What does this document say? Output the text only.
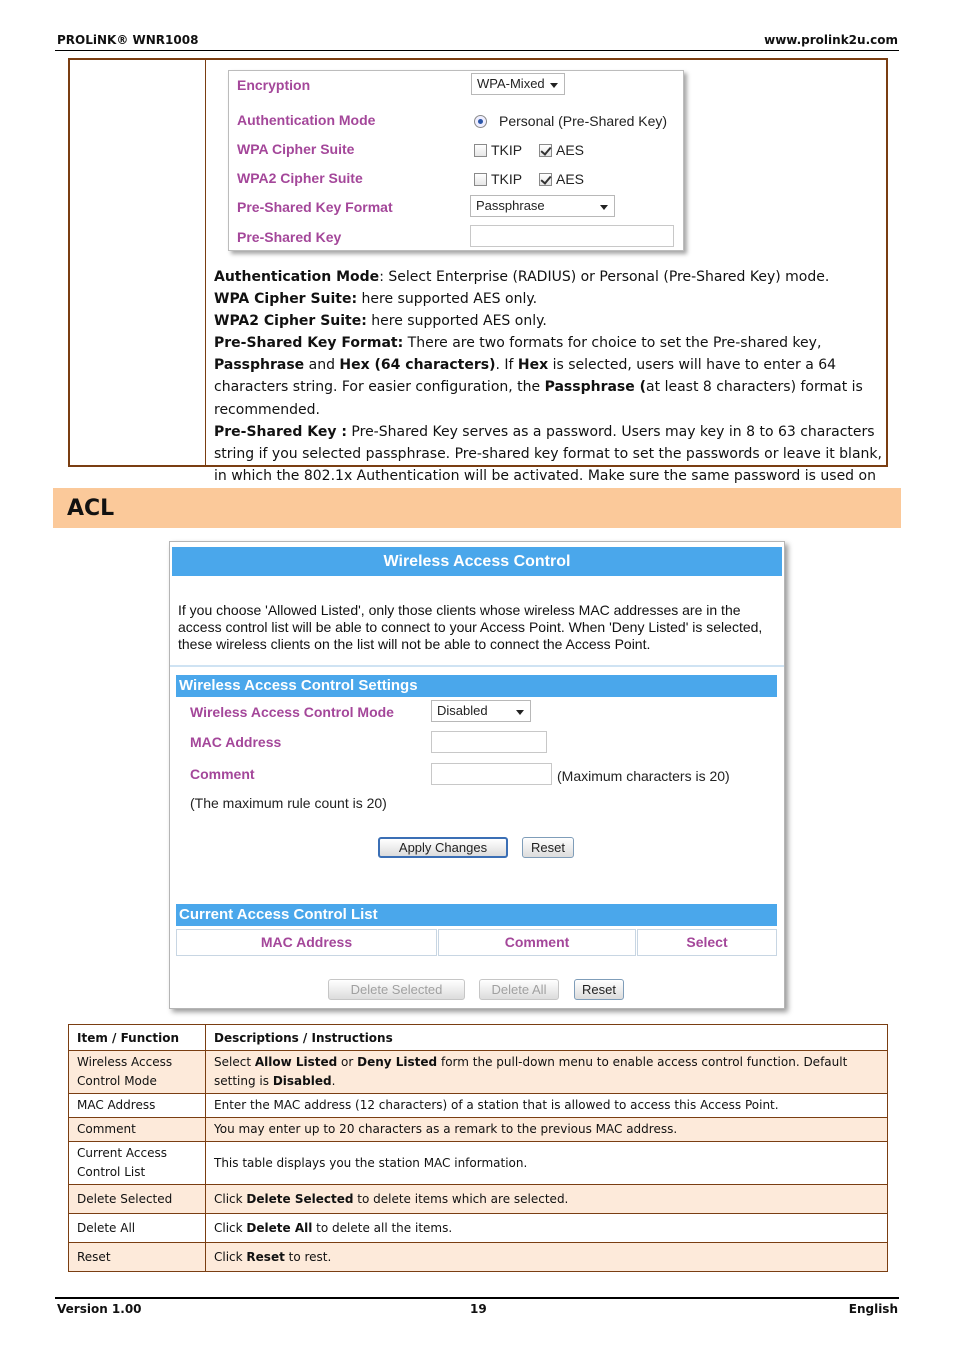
PROLiNK® WNR1008	www.prolink2u.com
Encryption	WPA-Mixed
Authentication Mode	Personal (Pre-Shared Key)
WPA Cipher Suite	TKIP AES
WPA2 Cipher Suite	TKIP AES
Pre-Shared Key Format	Passphrase
Pre-Shared Key

Authentication Mode: Select Enterprise (RADIUS) or Personal (Pre-Shared Key) mode.

WPA Cipher Suite: here supported AES only.

WPA2 Cipher Suite: here supported AES only.

Pre-Shared Key Format: There are two formats for choice to set the Pre-shared key, Passphrase and Hex (64 characters). If Hex is selected, users will have to enter a 64 characters string. For easier configuration, the Passphrase (at least 8 characters) format is recommended.

Pre-Shared Key : Pre-Shared Key serves as a password. Users may key in 8 to 63 characters string if you selected passphrase. Pre-shared key format to set the passwords or leave it blank, in which the 802.1x Authentication will be activated. Make sure the same password is used on

ACL
Wireless Access Control
If you choose 'Allowed Listed', only those clients whose wireless MAC addresses are in the access control list will be able to connect to your Access Point. When 'Deny Listed' is selected, these wireless clients on the list will not be able to connect the Access Point.
Wireless Access Control Settings
Wireless Access Control Mode	Disabled
MAC Address
Comment	(Maximum characters is 20)
(The maximum rule count is 20)
Apply Changes	Reset
Current Access Control List
MAC Address	Comment	Select
Delete Selected	Delete All	Reset
Item / Function	Descriptions / Instructions
Wireless Access Control Mode	Select Allow Listed or Deny Listed form the pull-down menu to enable access control function. Default setting is Disabled.
MAC Address	Enter the MAC address (12 characters) of a station that is allowed to access this Access Point.
Comment	You may enter up to 20 characters as a remark to the previous MAC address.
Current Access Control List	This table displays you the station MAC information.
Delete Selected	Click Delete Selected to delete items which are selected.
Delete All	Click Delete All to delete all the items.
Reset	Click Reset to rest.
Version 1.00	19	English
